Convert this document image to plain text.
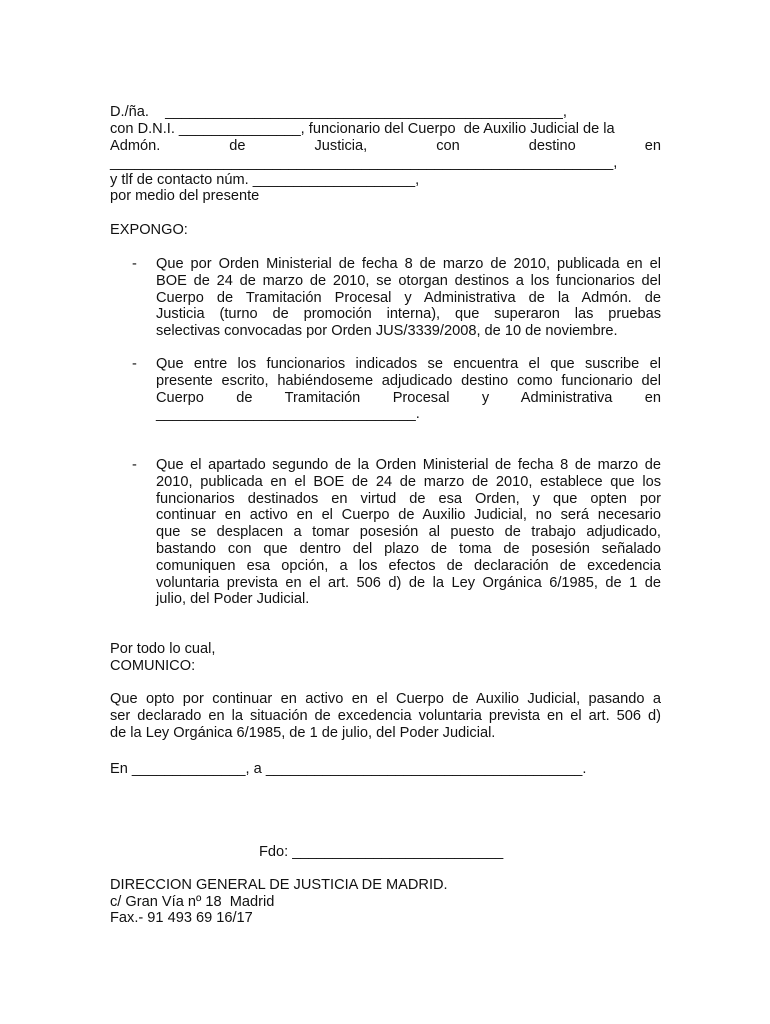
D./ña.    _________________________________________________,
con D.N.I. _______________, funcionario del Cuerpo  de Auxilio Judicial de la
Admón.	de	Justicia,	con	destino	en
______________________________________________________________,
y tlf de contacto núm. ____________________,
por medio del presente
EXPONGO:
- Que por Orden Ministerial de fecha 8 de marzo de 2010, publicada en el
BOE de 24 de marzo de 2010, se otorgan destinos a los funcionarios del
Cuerpo de Tramitación Procesal y Administrativa de la Admón. de
Justicia (turno de promoción interna), que superaron las pruebas
selectivas convocadas por Orden JUS/3339/2008, de 10 de noviembre.
- Que entre los funcionarios indicados se encuentra el que suscribe el
presente escrito, habiéndoseme adjudicado destino como funcionario del
Cuerpo de Tramitación Procesal y Administrativa en
________________________________.
- Que el apartado segundo de la Orden Ministerial de fecha 8 de marzo de
2010, publicada en el BOE de 24 de marzo de 2010, establece que los
funcionarios destinados en virtud de esa Orden, y que opten por
continuar en activo en el Cuerpo de Auxilio Judicial, no será necesario
que se desplacen a tomar posesión al puesto de trabajo adjudicado,
bastando con que dentro del plazo de toma de posesión señalado
comuniquen esa opción, a los efectos de declaración de excedencia
voluntaria prevista en el art. 506 d) de la Ley Orgánica 6/1985, de 1 de
julio, del Poder Judicial.
Por todo lo cual,
COMUNICO:
Que opto por continuar en activo en el Cuerpo de Auxilio Judicial, pasando a
ser declarado en la situación de excedencia voluntaria prevista en el art. 506 d)
de la Ley Orgánica 6/1985, de 1 de julio, del Poder Judicial.
En ______________, a _______________________________________.
Fdo: __________________________
DIRECCION GENERAL DE JUSTICIA DE MADRID.
c/ Gran Vía nº 18  Madrid
Fax.- 91 493 69 16/17
